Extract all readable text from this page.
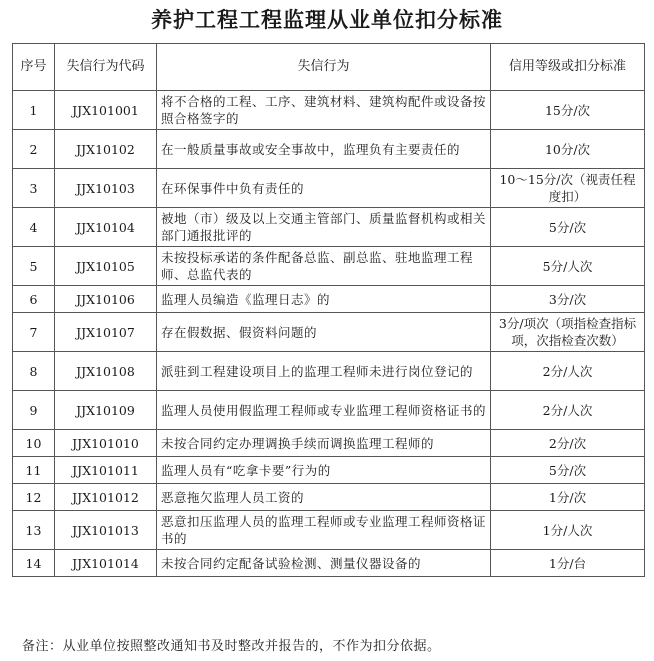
养护工程工程监理从业单位扣分标准
序号	失信行为代码	失信行为	信用等级或扣分标准
1	JJX101001	将不合格的工程、工序、建筑材料、建筑构配件或设备按照合格签字的	15分/次
2	JJX10102	在一般质量事故或安全事故中，监理负有主要责任的	10分/次
3	JJX10103	在环保事件中负有责任的	10～15分/次（视责任程度扣）
4	JJX10104	被地（市）级及以上交通主管部门、质量监督机构或相关部门通报批评的	5分/次
5	JJX10105	未按投标承诺的条件配备总监、副总监、驻地监理工程师、总监代表的	5分/人次
6	JJX10106	监理人员编造《监理日志》的	3分/次
7	JJX10107	存在假数据、假资料问题的	3分/项次（项指检查指标项，次指检查次数）
8	JJX10108	派驻到工程建设项目上的监理工程师未进行岗位登记的	2分/人次
9	JJX10109	监理人员使用假监理工程师或专业监理工程师资格证书的	2分/人次
10	JJX101010	未按合同约定办理调换手续而调换监理工程师的	2分/次
11	JJX101011	监理人员有“吃拿卡要”行为的	5分/次
12	JJX101012	恶意拖欠监理人员工资的	1分/次
13	JJX101013	恶意扣压监理人员的监理工程师或专业监理工程师资格证书的	1分/人次
14	JJX101014	未按合同约定配备试验检测、测量仪器设备的	1分/台
备注：从业单位按照整改通知书及时整改并报告的，不作为扣分依据。
